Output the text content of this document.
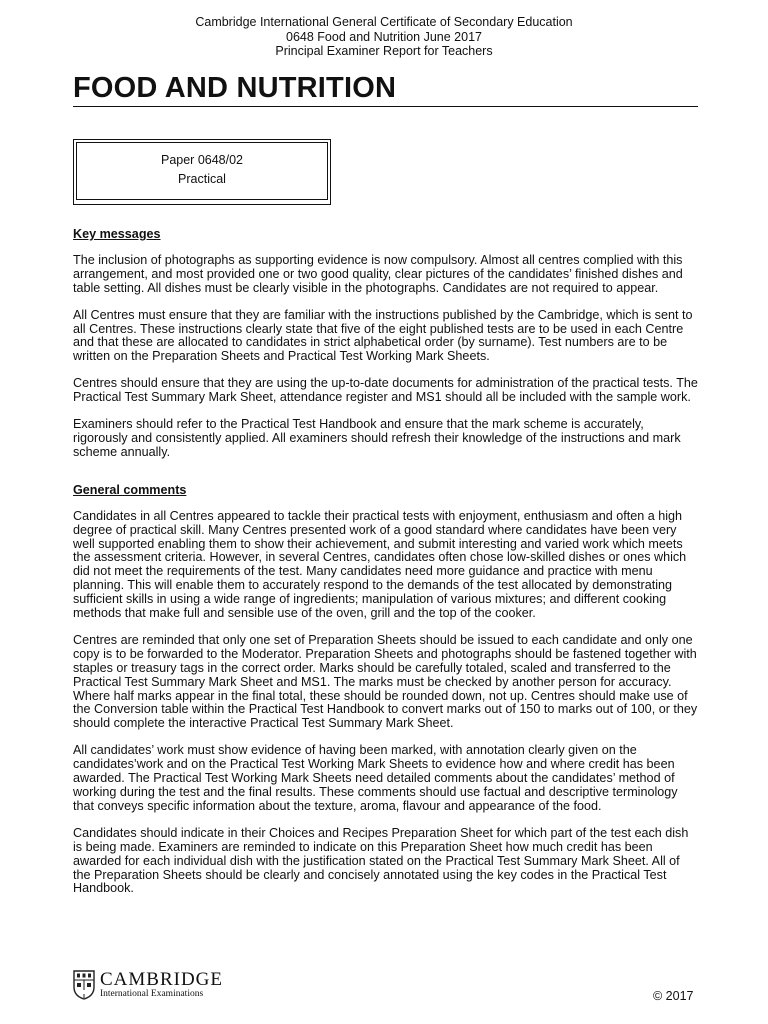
Cambridge International General Certificate of Secondary Education
0648 Food and Nutrition June 2017
Principal Examiner Report for Teachers
FOOD AND NUTRITION
Paper 0648/02
Practical

Key messages

The inclusion of photographs as supporting evidence is now compulsory. Almost all centres complied with this arrangement, and most provided one or two good quality, clear pictures of the candidates’ finished dishes and table setting. All dishes must be clearly visible in the photographs. Candidates are not required to appear.

All Centres must ensure that they are familiar with the instructions published by the Cambridge, which is sent to all Centres. These instructions clearly state that five of the eight published tests are to be used in each Centre and that these are allocated to candidates in strict alphabetical order (by surname). Test numbers are to be written on the Preparation Sheets and Practical Test Working Mark Sheets.

Centres should ensure that they are using the up-to-date documents for administration of the practical tests. The Practical Test Summary Mark Sheet, attendance register and MS1 should all be included with the sample work.

Examiners should refer to the Practical Test Handbook and ensure that the mark scheme is accurately, rigorously and consistently applied. All examiners should refresh their knowledge of the instructions and mark scheme annually.

General comments

Candidates in all Centres appeared to tackle their practical tests with enjoyment, enthusiasm and often a high degree of practical skill. Many Centres presented work of a good standard where candidates have been very well supported enabling them to show their achievement, and submit interesting and varied work which meets the assessment criteria. However, in several Centres, candidates often chose low-skilled dishes or ones which did not meet the requirements of the test. Many candidates need more guidance and practice with menu planning. This will enable them to accurately respond to the demands of the test allocated by demonstrating sufficient skills in using a wide range of ingredients; manipulation of various mixtures; and different cooking methods that make full and sensible use of the oven, grill and the top of the cooker.

Centres are reminded that only one set of Preparation Sheets should be issued to each candidate and only one copy is to be forwarded to the Moderator. Preparation Sheets and photographs should be fastened together with staples or treasury tags in the correct order. Marks should be carefully totaled, scaled and transferred to the Practical Test Summary Mark Sheet and MS1. The marks must be checked by another person for accuracy. Where half marks appear in the final total, these should be rounded down, not up. Centres should make use of the Conversion table within the Practical Test Handbook to convert marks out of 150 to marks out of 100, or they should complete the interactive Practical Test Summary Mark Sheet.

All candidates’ work must show evidence of having been marked, with annotation clearly given on the candidates’work and on the Practical Test Working Mark Sheets to evidence how and where credit has been awarded. The Practical Test Working Mark Sheets need detailed comments about the candidates’ method of working during the test and the final results. These comments should use factual and descriptive terminology that conveys specific information about the texture, aroma, flavour and appearance of the food.

Candidates should indicate in their Choices and Recipes Preparation Sheet for which part of the test each dish is being made. Examiners are reminded to indicate on this Preparation Sheet how much credit has been awarded for each individual dish with the justification stated on the Practical Test Summary Mark Sheet. All of the Preparation Sheets should be clearly and concisely annotated using the key codes in the Practical Test Handbook.

CAMBRIDGE
International Examinations	© 2017
